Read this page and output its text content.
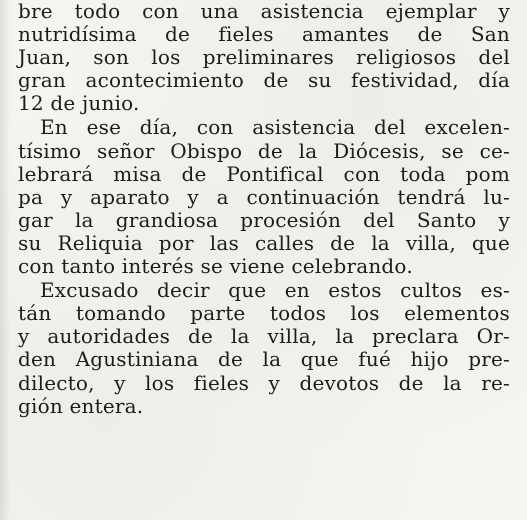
bre todo con una asistencia ejemplar y
nutridísima de fieles amantes de San
Juan, son los preliminares religiosos del
gran acontecimiento de su festividad, día
12 de junio.
En ese día, con asistencia del excelen-
tísimo señor Obispo de la Diócesis, se ce-
lebrará misa de Pontifical con toda pom
pa y aparato y a continuación tendrá lu-
gar la grandiosa procesión del Santo y
su Reliquia por las calles de la villa, que
con tanto interés se viene celebrando.
Excusado decir que en estos cultos es-
tán tomando parte todos los elementos
y autoridades de la villa, la preclara Or-
den Agustiniana de la que fué hijo pre-
dilecto, y los fieles y devotos de la re-
gión entera.
